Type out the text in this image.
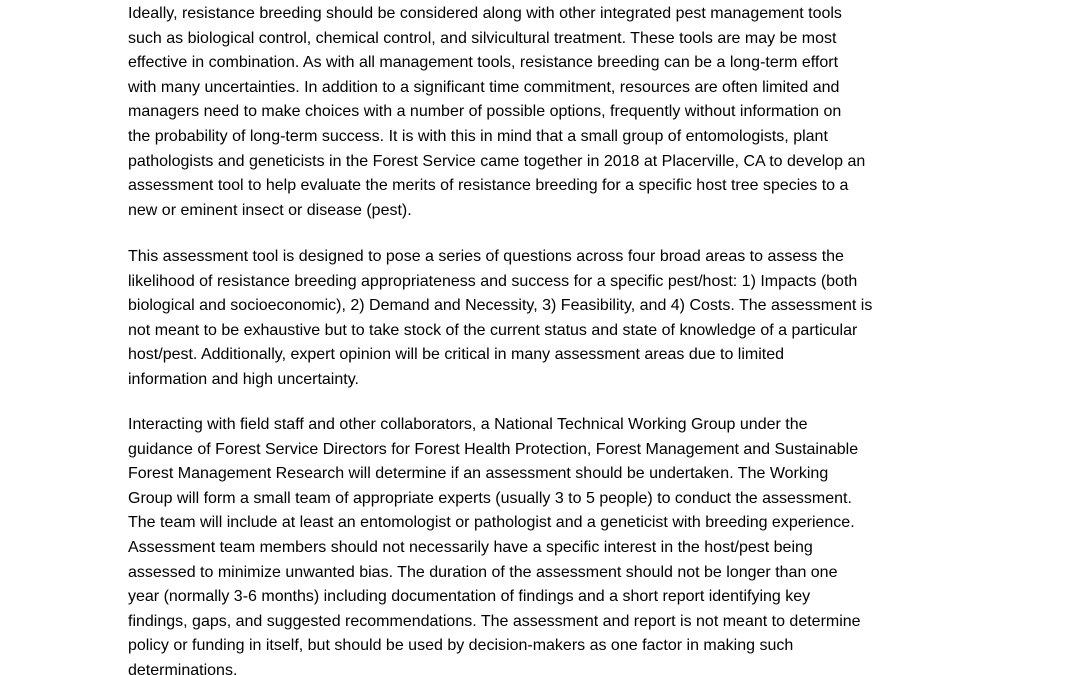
Ideally, resistance breeding should be considered along with other integrated pest management tools
such as biological control, chemical control, and silvicultural treatment. These tools are may be most
effective in combination. As with all management tools, resistance breeding can be a long-term effort
with many uncertainties. In addition to a significant time commitment, resources are often limited and
managers need to make choices with a number of possible options, frequently without information on
the probability of long-term success. It is with this in mind that a small group of entomologists, plant
pathologists and geneticists in the Forest Service came together in 2018 at Placerville, CA to develop an
assessment tool to help evaluate the merits of resistance breeding for a specific host tree species to a
new or eminent insect or disease (pest).
This assessment tool is designed to pose a series of questions across four broad areas to assess the
likelihood of resistance breeding appropriateness and success for a specific pest/host: 1) Impacts (both
biological and socioeconomic), 2) Demand and Necessity, 3) Feasibility, and 4) Costs. The assessment is
not meant to be exhaustive but to take stock of the current status and state of knowledge of a particular
host/pest. Additionally, expert opinion will be critical in many assessment areas due to limited
information and high uncertainty.
Interacting with field staff and other collaborators, a National Technical Working Group under the
guidance of Forest Service Directors for Forest Health Protection, Forest Management and Sustainable
Forest Management Research will determine if an assessment should be undertaken. The Working
Group will form a small team of appropriate experts (usually 3 to 5 people) to conduct the assessment.
The team will include at least an entomologist or pathologist and a geneticist with breeding experience.
Assessment team members should not necessarily have a specific interest in the host/pest being
assessed to minimize unwanted bias. The duration of the assessment should not be longer than one
year (normally 3-6 months) including documentation of findings and a short report identifying key
findings, gaps, and suggested recommendations. The assessment and report is not meant to determine
policy or funding in itself, but should be used by decision-makers as one factor in making such
determinations.
